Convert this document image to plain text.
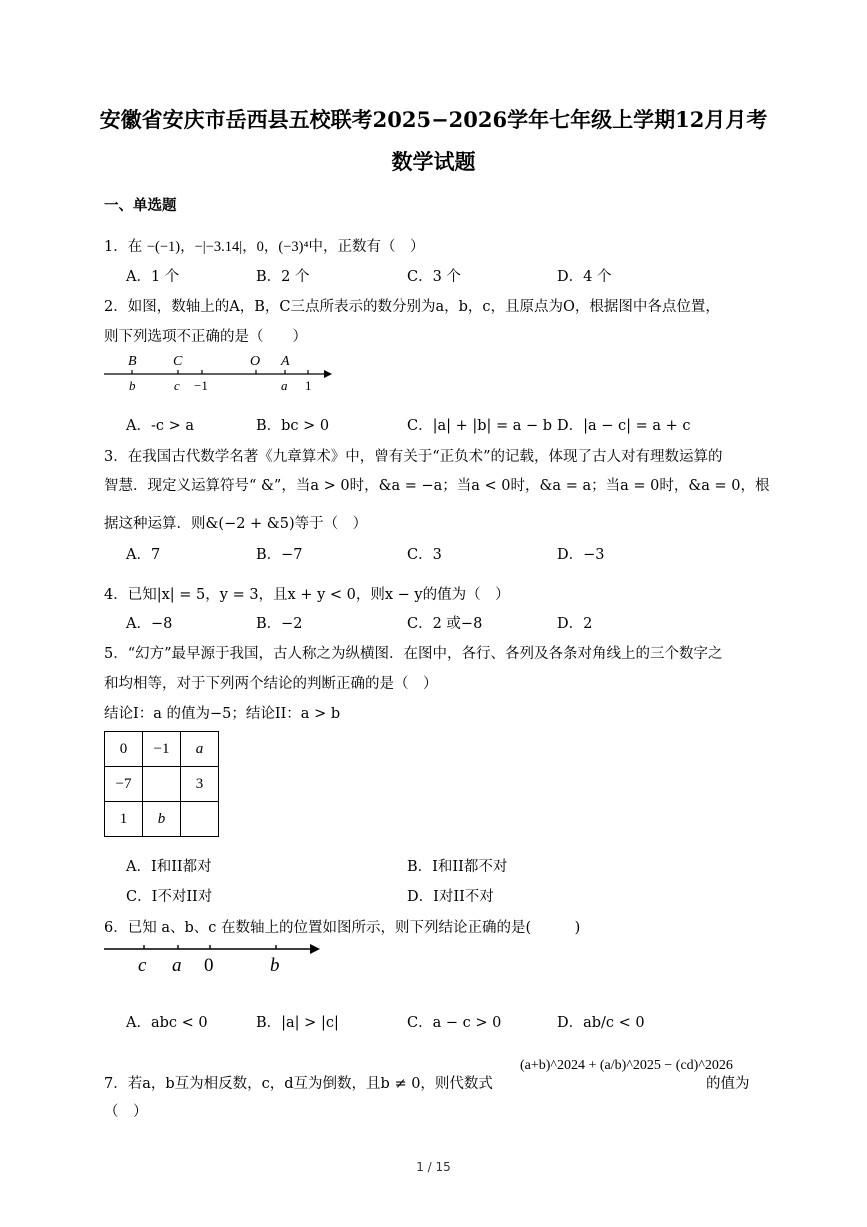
安徽省安庆市岳西县五校联考2025−2026学年七年级上学期12月月考
数学试题
一、单选题
1．在 −(−1)，−|−3.14|，0，(−3)⁴中，正数有（　）
A．1 个	B．2 个	C．3 个	D．4 个
2．如图，数轴上的A，B，C三点所表示的数分别为a，b，c，且原点为O，根据图中各点位置，
则下列选项不正确的是（　　）
B	C	O A
b	c −1	a 1
A．-c > a	B．bc > 0	C．|a| + |b| = a − b D．|a − c| = a + c
3．在我国古代数学名著《九章算术》中，曾有关于“正负术”的记载，体现了古人对有理数运算的
智慧．现定义运算符号“ &”，当a > 0时，&a = −a；当a < 0时，&a = a；当a = 0时，&a = 0，根
据这种运算．则&(−2 + &5)等于（　）
A．7	B．−7	C．3	D．−3
4．已知|x| = 5，y = 3，且x + y < 0，则x − y的值为（　）
A．−8	B．−2	C．2 或−8	D．2
5．“幻方”最早源于我国，古人称之为纵横图．在图中，各行、各列及各条对角线上的三个数字之
和均相等，对于下列两个结论的判断正确的是（　）
结论I：a 的值为−5；结论II：a > b
0	−1	a
−7		3
1	b	
A．I和II都对	B．I和II都不对
C．I不对II对	D．I对II不对
6．已知 a、b、c 在数轴上的位置如图所示，则下列结论正确的是(　　　)
c a 0	b
A．abc < 0	B．|a| > |c|	C．a − c > 0	D．ab/c < 0
7．若a，b互为相反数，c，d互为倒数，且b ≠ 0，则代数式
(a+b)^2024 + (a/b)^2025 − (cd)^2026
的值为
（　）
1 / 15
